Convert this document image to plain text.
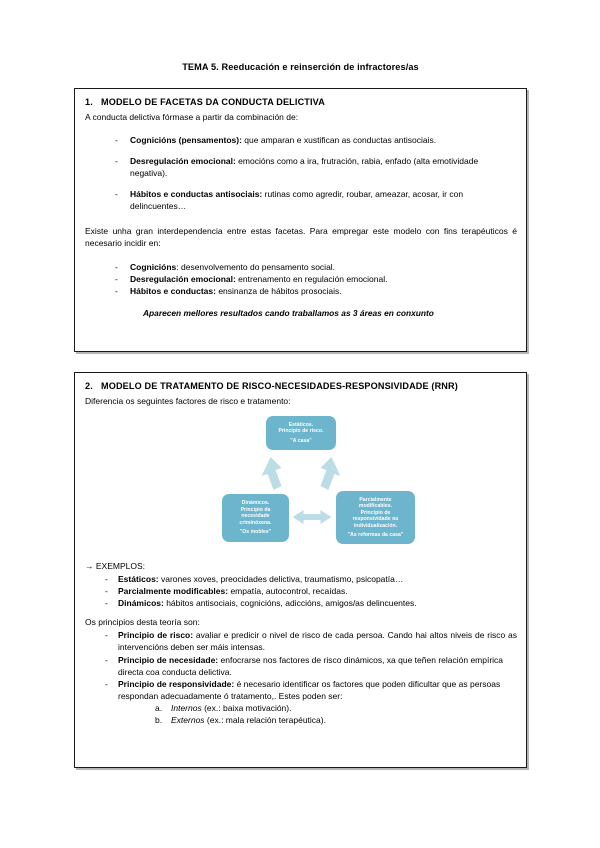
TEMA 5. Reeducación e reinserción de infractores/as
1. MODELO DE FACETAS DA CONDUCTA DELICTIVA

A conducta delictiva fórmase a partir da combinación de:

- Cognicións (pensamentos): que amparan e xustifican as conductas antisociais.
- Desregulación emocional: emocións como a ira, frutración, rabia, enfado (alta emotividade negativa).
- Hábitos e conductas antisociais: rutinas como agredir, roubar, ameazar, acosar, ir con delincuentes…

Existe unha gran interdependencia entre estas facetas. Para empregar este modelo con fins terapéuticos é necesario incidir en:

- Cognicións: desenvolvemento do pensamento social.
- Desregulación emocional: entrenamento en regulación emocional.
- Hábitos e conductas: ensinanza de hábitos prosociais.

Aparecen mellores resultados cando traballamos as 3 áreas en conxunto

2. MODELO DE TRATAMENTO DE RISCO-NECESIDADES-RESPONSIVIDADE (RNR)

Diferencia os seguintes factores de risco e tratamento:

Estáticos.
Principio de risco.
"A casa"
Dinámicos.
Principio da
necesidade
criminóxena.
"Os mobles"
Parcialmente
modificables.
Principio de
responsividade ou
individualización.
"As reformas da casa"

→ EXEMPLOS:

- Estáticos: varones xoves, preocidades delictiva, traumatismo, psicopatía…
- Parcialmente modificables: empatía, autocontrol, recaídas.
- Dinámicos: hábitos antisociais, cognicións, adiccións, amigos/as delincuentes.

Os principios desta teoría son:

- Principio de risco: avaliar e predicir o nivel de risco de cada persoa. Cando hai altos niveis de risco as intervencións deben ser máis intensas.
- Principio de necesidade: enfocrarse nos factores de risco dinámicos, xa que teñen relación empírica directa coa conducta delictiva.
- Principio de responsividade: é necesario identificar os factores que poden dificultar que as persoas respondan adecuadamente ó tratamento,. Estes poden ser:
a. Internos (ex.: baixa motivación).
b. Externos (ex.: mala relación terapéutica).
